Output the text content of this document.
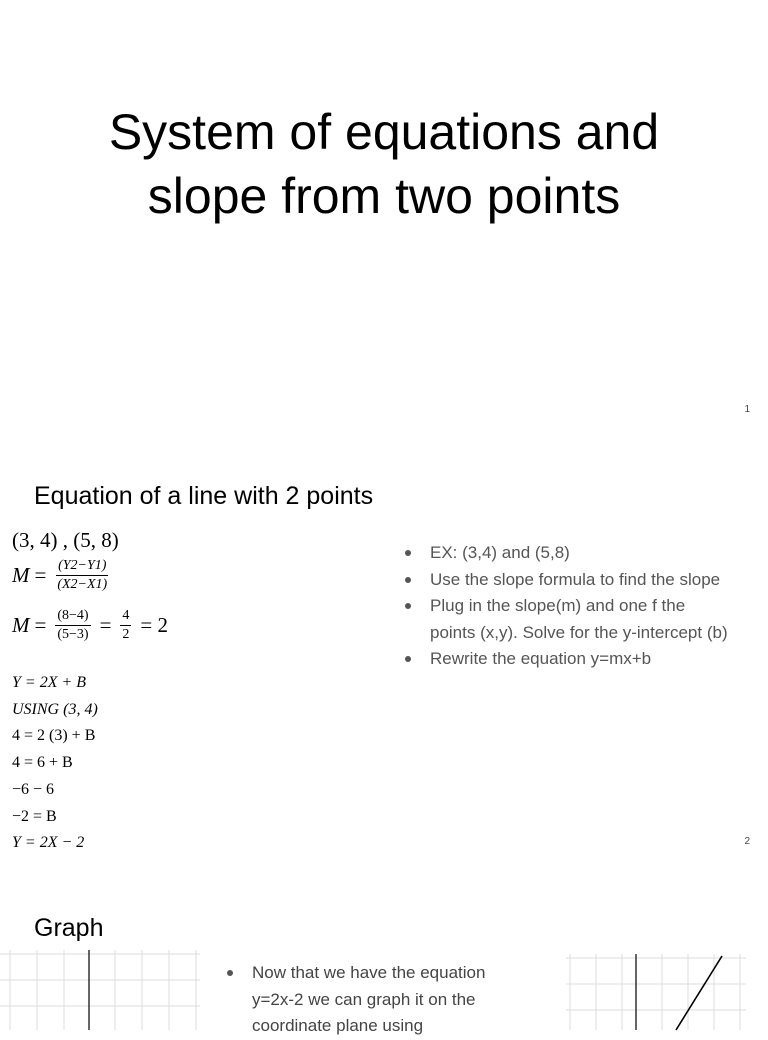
System of equations and
slope from two points
1
Equation of a line with 2 points
(3, 4) , (5, 8)
$M = \frac{(Y2-Y1)}{(X2-X1)}$
$M = \frac{(8-4)}{(5-3)} = \frac{4}{2} = 2$
Y = 2X + B
USING (3, 4)
4 = 2 (3) + B
4 = 6 + B
−6 − 6
−2 = B
Y = 2X − 2
EX: (3,4) and (5,8)
Use the slope formula to find the slope
Plug in the slope(m) and one f the points (x,y). Solve for the y-intercept (b)
Rewrite the equation y=mx+b
2
Graph
Now that we have the equation y=2x-2 we can graph it on the coordinate plane using
